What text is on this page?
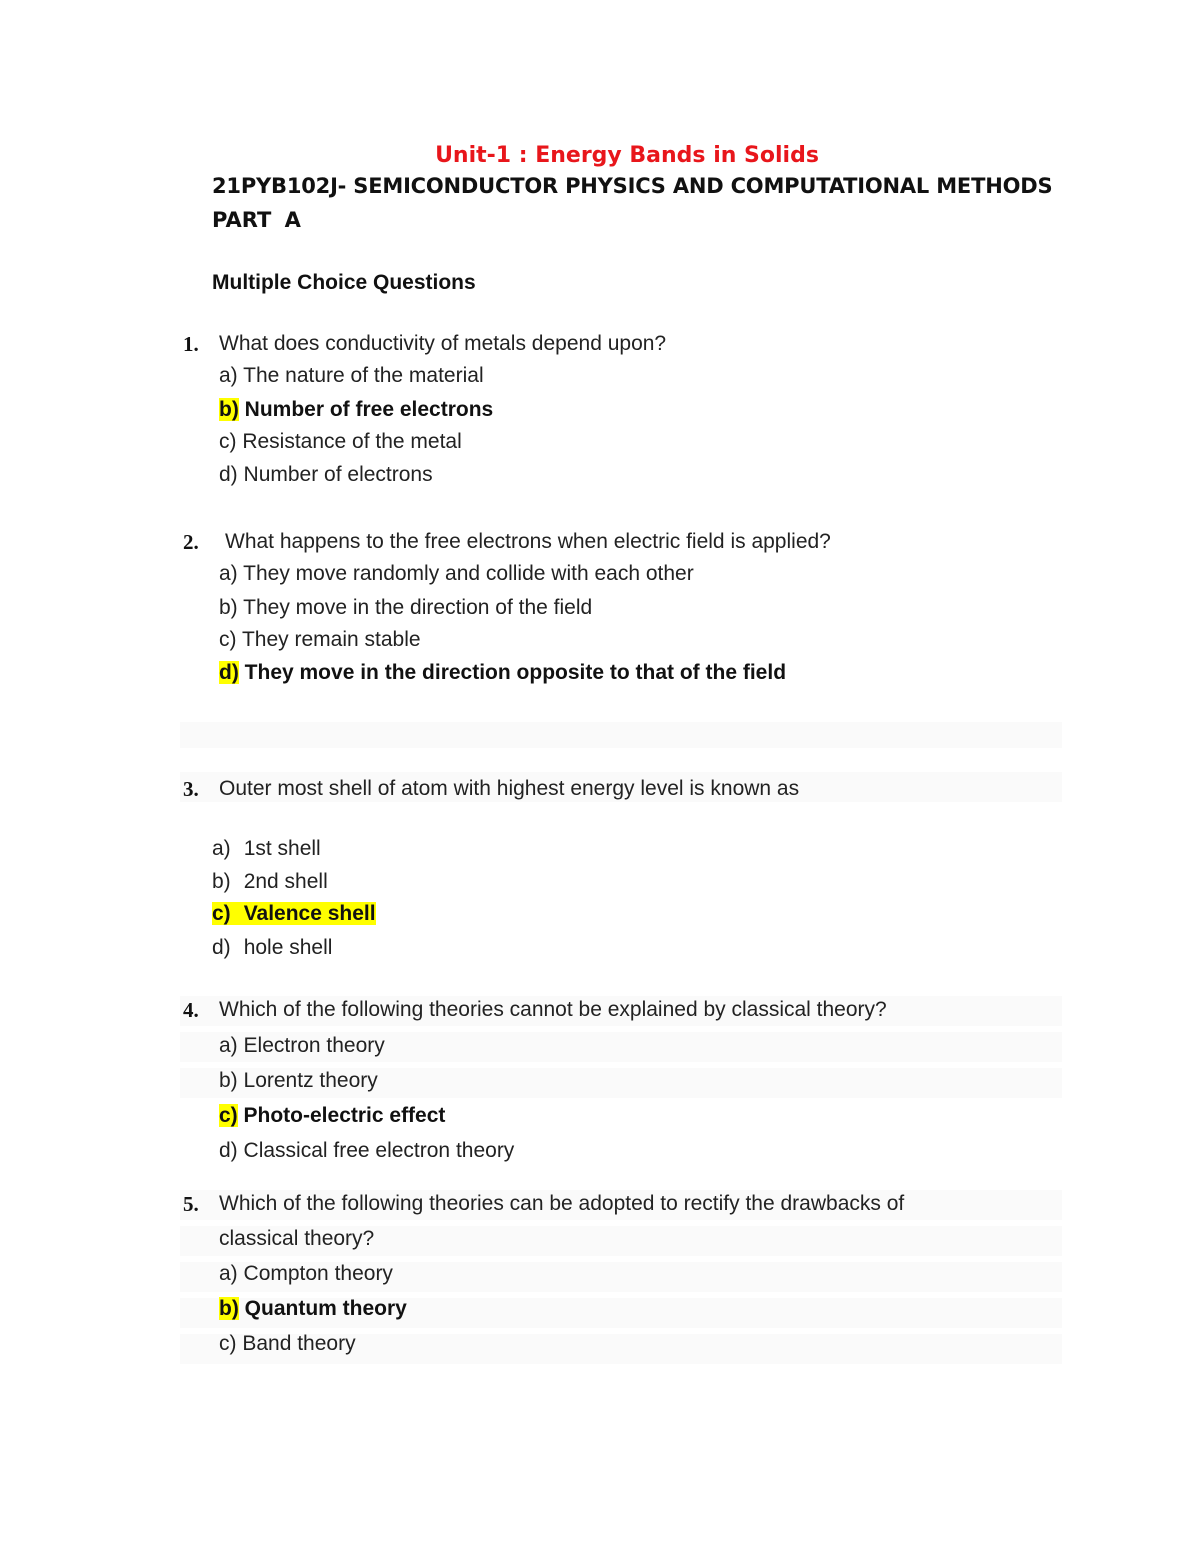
Unit-1 : Energy Bands in Solids
21PYB102J- SEMICONDUCTOR PHYSICS AND COMPUTATIONAL METHODS
PART A
Multiple Choice Questions
1. What does conductivity of metals depend upon?
a) The nature of the material
b) Number of free electrons
c) Resistance of the metal
d) Number of electrons
2. What happens to the free electrons when electric field is applied?
a) They move randomly and collide with each other
b) They move in the direction of the field
c) They remain stable
d) They move in the direction opposite to that of the field
3. Outer most shell of atom with highest energy level is known as
a) 1st shell
b) 2nd shell
c) Valence shell
d) hole shell
4. Which of the following theories cannot be explained by classical theory?
a) Electron theory
b) Lorentz theory
c) Photo-electric effect
d) Classical free electron theory
5. Which of the following theories can be adopted to rectify the drawbacks of
classical theory?
a) Compton theory
b) Quantum theory
c) Band theory
